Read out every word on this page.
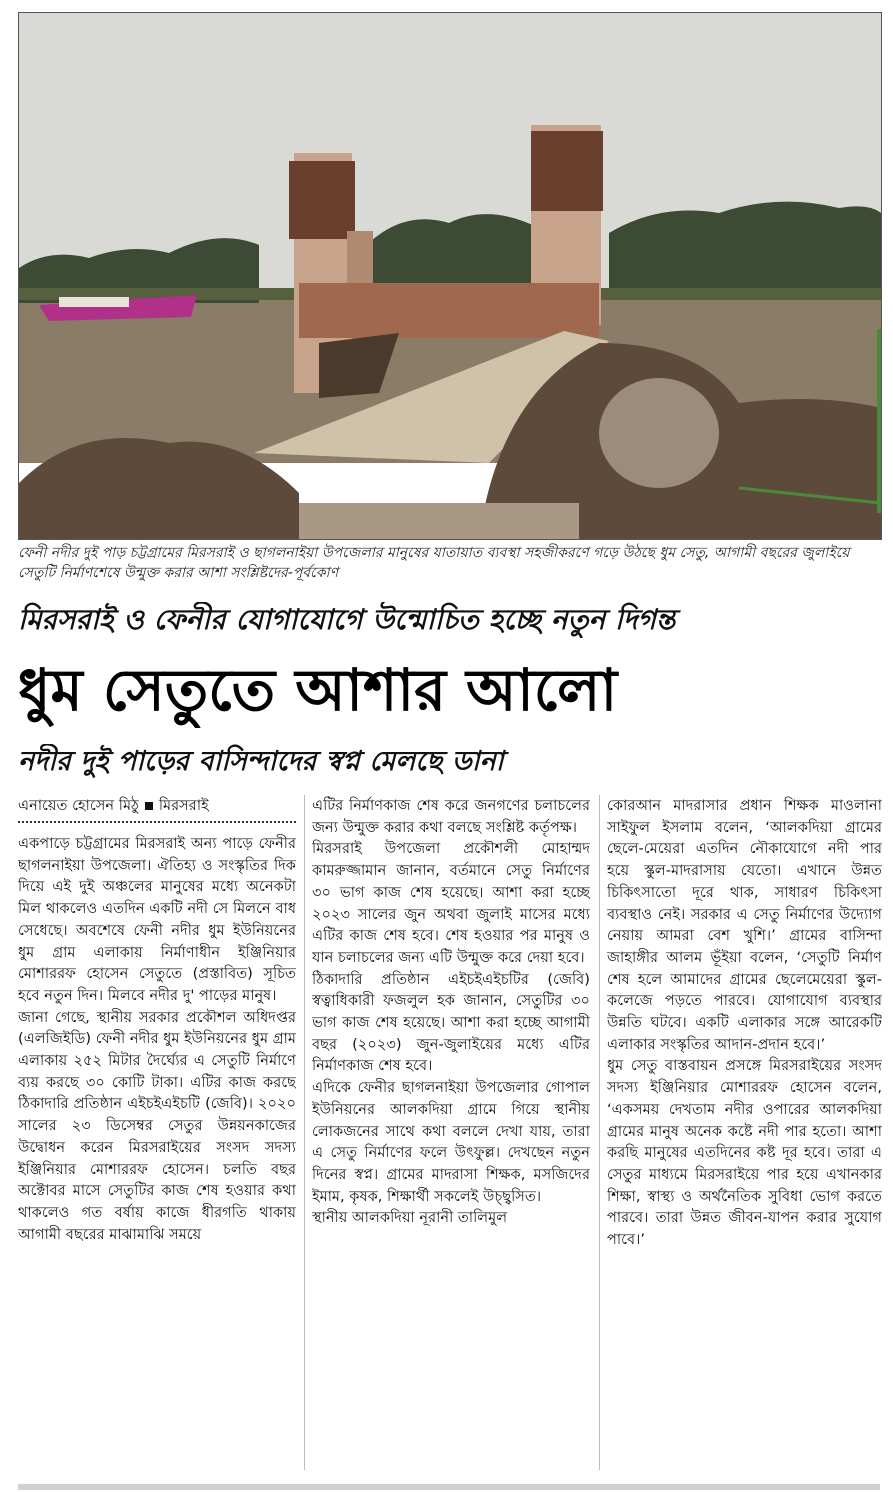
ফেনী নদীর দুই পাড় চট্টগ্রামের মিরসরাই ও ছাগলনাইয়া উপজেলার মানুষের যাতায়াত ব্যবস্থা সহজীকরণে গড়ে উঠছে ধুম সেতু, আগামী বছরের জুলাইয়ে সেতুটি নির্মাণশেষে উন্মুক্ত করার আশা সংশ্লিষ্টদের-পূর্বকোণ
মিরসরাই ও ফেনীর যোগাযোগে উন্মোচিত হচ্ছে নতুন দিগন্ত
ধুম সেতুতে আশার আলো
নদীর দুই পাড়ের বাসিন্দাদের স্বপ্ন মেলছে ডানা
এনায়েত হোসেন মিঠু মিরসরাই

একপাড়ে চট্টগ্রামের মিরসরাই অন্য পাড়ে ফেনীর ছাগলনাইয়া উপজেলা। ঐতিহ্য ও সংস্কৃতির দিক দিয়ে এই দুই অঞ্চলের মানুষের মধ্যে অনেকটা মিল থাকলেও এতদিন একটি নদী সে মিলনে বাধ সেধেছে। অবশেষে ফেনী নদীর ধুম ইউনিয়নের ধুম গ্রাম এলাকায় নির্মাণাধীন ইঞ্জিনিয়ার মোশাররফ হোসেন সেতুতে (প্রস্তাবিত) সূচিত হবে নতুন দিন। মিলবে নদীর দু' পাড়ের মানুষ।

জানা গেছে, স্থানীয় সরকার প্রকৌশল অধিদপ্তর (এলজিইডি) ফেনী নদীর ধুম ইউনিয়নের ধুম গ্রাম এলাকায় ২৫২ মিটার দৈর্ঘ্যের এ সেতুটি নির্মাণে ব্যয় করছে ৩০ কোটি টাকা। এটির কাজ করছে ঠিকাদারি প্রতিষ্ঠান এইচইএইচটি (জেবি)। ২০২০ সালের ২৩ ডিসেম্বর সেতুর উন্নয়নকাজের উদ্বোধন করেন মিরসরাইয়ের সংসদ সদস্য ইঞ্জিনিয়ার মোশাররফ হোসেন। চলতি বছর অক্টোবর মাসে সেতুটির কাজ শেষ হওয়ার কথা থাকলেও গত বর্ষায় কাজে ধীরগতি থাকায় আগামী বছরের মাঝামাঝি সময়ে

এটির নির্মাণকাজ শেষ করে জনগণের চলাচলের জন্য উন্মুক্ত করার কথা বলছে সংশ্লিষ্ট কর্তৃপক্ষ।

মিরসরাই উপজেলা প্রকৌশলী মোহাম্মদ কামরুজ্জামান জানান, বর্তমানে সেতু নির্মাণের ৩০ ভাগ কাজ শেষ হয়েছে। আশা করা হচ্ছে ২০২৩ সালের জুন অথবা জুলাই মাসের মধ্যে এটির কাজ শেষ হবে। শেষ হওয়ার পর মানুষ ও যান চলাচলের জন্য এটি উন্মুক্ত করে দেয়া হবে।

ঠিকাদারি প্রতিষ্ঠান এইচইএইচটির (জেবি) স্বত্বাধিকারী ফজলুল হক জানান, সেতুটির ৩০ ভাগ কাজ শেষ হয়েছে। আশা করা হচ্ছে আগামী বছর (২০২৩) জুন-জুলাইয়ের মধ্যে এটির নির্মাণকাজ শেষ হবে।

এদিকে ফেনীর ছাগলনাইয়া উপজেলার গোপাল ইউনিয়নের আলকদিয়া গ্রামে গিয়ে স্থানীয় লোকজনের সাথে কথা বললে দেখা যায়, তারা এ সেতু নির্মাণের ফলে উৎফুল্ল। দেখছেন নতুন দিনের স্বপ্ন। গ্রামের মাদরাসা শিক্ষক, মসজিদের ইমাম, কৃষক, শিক্ষার্থী সকলেই উচ্ছ্বসিত।

স্থানীয় আলকদিয়া নূরানী তালিমুল

কোরআন মাদরাসার প্রধান শিক্ষক মাওলানা সাইফুল ইসলাম বলেন, ‘আলকদিয়া গ্রামের ছেলে-মেয়েরা এতদিন নৌকাযোগে নদী পার হয়ে স্কুল-মাদরাসায় যেতো। এখানে উন্নত চিকিৎসাতো দূরে থাক, সাধারণ চিকিৎসা ব্যবস্থাও নেই। সরকার এ সেতু নির্মাণের উদ্যোগ নেয়ায় আমরা বেশ খুশি।’ গ্রামের বাসিন্দা জাহাঙ্গীর আলম ভূঁইয়া বলেন, ‘সেতুটি নির্মাণ শেষ হলে আমাদের গ্রামের ছেলেমেয়েরা স্কুল-কলেজে পড়তে পারবে। যোগাযোগ ব্যবস্থার উন্নতি ঘটবে। একটি এলাকার সঙ্গে আরেকটি এলাকার সংস্কৃতির আদান-প্রদান হবে।’

ধুম সেতু বাস্তবায়ন প্রসঙ্গে মিরসরাইয়ের সংসদ সদস্য ইঞ্জিনিয়ার মোশাররফ হোসেন বলেন, ‘একসময় দেখতাম নদীর ওপারের আলকদিয়া গ্রামের মানুষ অনেক কষ্টে নদী পার হতো। আশা করছি মানুষের এতদিনের কষ্ট দূর হবে। তারা এ সেতুর মাধ্যমে মিরসরাইয়ে পার হয়ে এখানকার শিক্ষা, স্বাস্থ্য ও অর্থনৈতিক সুবিধা ভোগ করতে পারবে। তারা উন্নত জীবন-যাপন করার সুযোগ পাবে।’
